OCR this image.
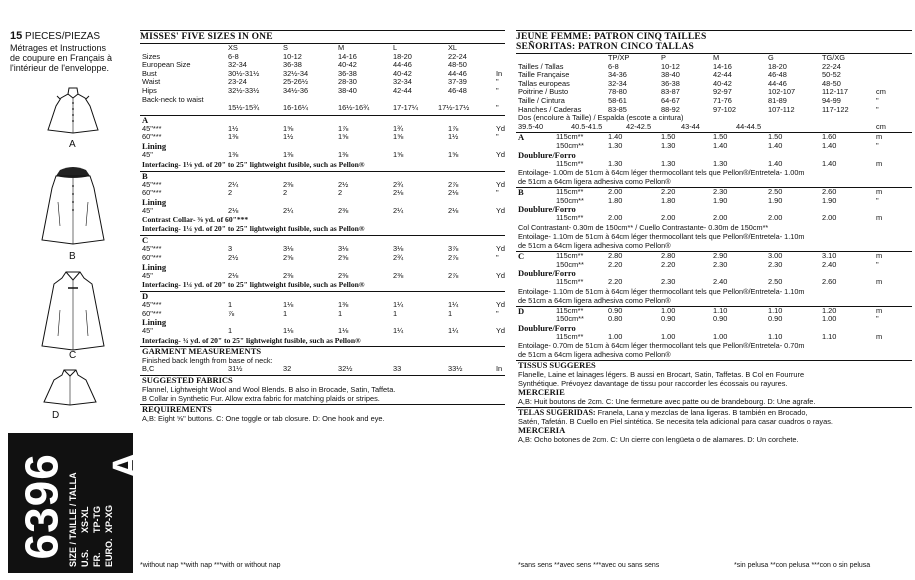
15 PIECES/PIEZAS
Métrages et Instructions
de coupure en Français à
l'intérieur de l'enveloppe.
A
B
C
D
6396 SIZE / TAILLE / TALLA U.S.
XS-XL
FR.
TP-TG
EURO.
XP-XG
A
MISSES' FIVE SIZES IN ONE
XS	S	M	L	XL
Sizes	6-8	10-12	14-16	18-20	22-24
European Size	32-34	36-38	40-42	44-46	48-50
Bust	30½-31½	32½-34	36-38	40-42	44-46	In
Waist	23-24	25-26½	28-30	32-34	37-39	"
Hips	32½-33½	34½-36	38-40	42-44	46-48	"
Back-neck to waist
15½-15¾	16-16¼	16½-16¾	17-17¼	17½-17½	"
A
45"***	1½	1⅝	1⅞	1¾	1⅞	Yd
60"***	1⅜	1½	1⅝	1⅝	1½	"
Lining
45"	1⅜	1⅜	1⅜	1⅝	1⅝	Yd
Interfacing- 1⅛ yd. of 20" to 25" lightweight fusible, such as Pellon®
B
45"***	2¼	2⅜	2½	2¾	2⅞	Yd
60"***	2	2	2	2⅛	2⅛	"
Lining
45"	2⅛	2¼	2⅜	2¼	2⅛	Yd
Contrast Collar- ⅜ yd. of 60"***
Interfacing- 1¼ yd. of 20" to 25" lightweight fusible, such as Pellon®
C
45"***	3	3⅛	3⅛	3⅛	3⅞	Yd
60"***	2½	2⅝	2⅝	2¾	2⅞	"
Lining
45"	2⅛	2⅜	2⅜	2⅜	2⅞	Yd
Interfacing- 1¼ yd. of 20" to 25" lightweight fusible, such as Pellon®
D
45"***	1	1⅛	1⅜	1¼	1¼	Yd
60"***	⅞	1	1	1	1	"
Lining
45"	1	1⅛	1⅛	1¼	1¼	Yd
Interfacing- ¾ yd. of 20" to 25" lightweight fusible, such as Pellon®
GARMENT MEASUREMENTS
Finished back length from base of neck:
B,C	31½	32	32½	33	33½	In
SUGGESTED FABRICS
Flannel, Lightweight Wool and Wool Blends. B also in Brocade, Satin, Taffeta.
B Collar in Synthetic Fur. Allow extra fabric for matching plaids or stripes.
REQUIREMENTS
A,B: Eight ⅝" buttons. C: One toggle or tab closure. D: One hook and eye.
*without nap **with nap ***with or without nap
JEUNE FEMME: PATRON CINQ TAILLES
SEÑORITAS: PATRON CINCO TALLAS
TP/XP	P	M	G	TG/XG
Tailles / Tallas	6-8	10-12	14-16	18-20	22-24
Taille Française	34-36	38-40	42-44	46-48	50-52
Tallas europeas	32-34	36-38	40-42	44-46	48-50
Poitrine / Busto	78-80	83-87	92-97	102-107	112-117	cm
Taille / Cintura	58-61	64-67	71-76	81-89	94-99	"
Hanches / Caderas	83-85	88-92	97-102	107-112	117-122	"
Dos (encolure à Taille) / Espalda (escote a cintura)
39.5-40	40.5-41.5	42-42.5	43-44	44-44.5	cm
115cm**	1.40	1.50	1.50	1.50	1.60	m
A
150cm**	1.30	1.30	1.40	1.40	1.40	"
Doublure/Forro
115cm**	1.30	1.30	1.30	1.40	1.40	m
Entoilage- 1.00m de 51cm à 64cm léger thermocollant tels que Pellon®/Entretela- 1.00m
de 51cm a 64cm ligera adhesiva como Pellon®
115cm**	2.00	2.20	2.30	2.50	2.60	m
B
150cm**	1.80	1.80	1.90	1.90	1.90	"
Doublure/Forro
115cm**	2.00	2.00	2.00	2.00	2.00	m
Col Contrastant- 0.30m de 150cm** / Cuello Contrastante- 0.30m de 150cm**
Entoilage- 1.10m de 51cm à 64cm léger thermocollant tels que Pellon®/Entretela- 1.10m
de 51cm a 64cm ligera adhesiva como Pellon®
115cm**	2.80	2.80	2.90	3.00	3.10	m
C
150cm**	2.20	2.20	2.30	2.30	2.40	"
Doublure/Forro
115cm**	2.20	2.30	2.40	2.50	2.60	m
Entoilage- 1.10m de 51cm à 64cm léger thermocollant tels que Pellon®/Entretela- 1.10m
de 51cm a 64cm ligera adhesiva como Pellon®
115cm**	0.90	1.00	1.10	1.10	1.20	m
D
150cm**	0.80	0.90	0.90	0.90	1.00	"
Doublure/Forro
115cm**	1.00	1.00	1.00	1.10	1.10	m
Entoilage- 0.70m de 51cm à 64cm léger thermocollant tels que Pellon®/Entretela- 0.70m
de 51cm a 64cm ligera adhesiva como Pellon®
TISSUS SUGGERES
Flanelle, Laine et lainages légers. B aussi en Brocart, Satin, Taffetas. B Col en Fourrure
Synthétique. Prévoyez davantage de tissu pour raccorder les écossais ou rayures.
MERCERIE
A,B: Huit boutons de 2cm. C: Une fermeture avec patte ou de brandebourg. D: Une agrafe.
TELAS SUGERIDAS: Franela, Lana y mezclas de lana ligeras. B también en Brocado,
Satén, Tafetán. B Cuello en Piel sintética. Se necesita tela adicional para casar cuadros o rayas.
MERCERIA
A,B: Ocho botones de 2cm. C: Un cierre con lengüeta o de alamares. D: Un corchete.
*sans sens **avec sens ***avec ou sans sens	*sin pelusa **con pelusa ***con o sin pelusa
